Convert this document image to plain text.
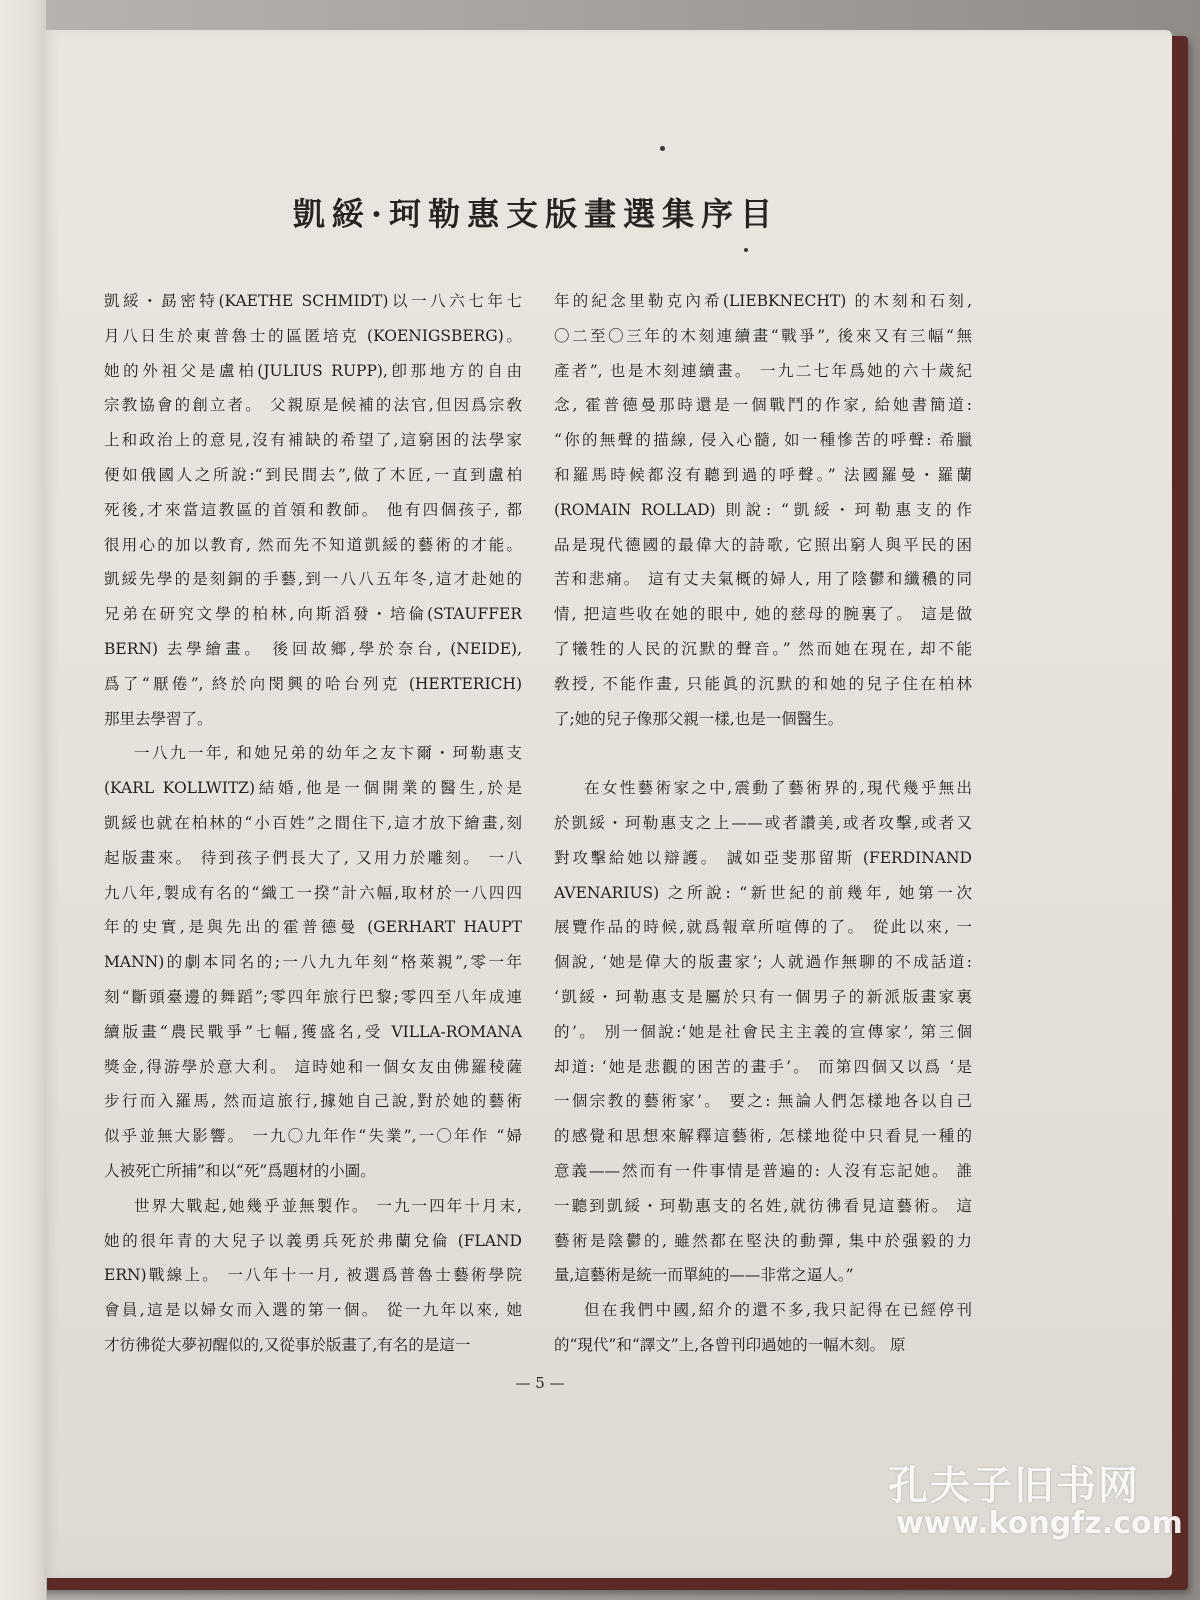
凱綏·珂勒惠支版畫選集序目

凱綏・勗密特(KAETHE SCHMIDT)以一八六七年七
月八日生於東普魯士的區匿培克 (KOENIGSBERG)。
她的外祖父是盧柏(JULIUS RUPP),卽那地方的自由
宗教協會的創立者。 父親原是候補的法官,但因爲宗敎
上和政治上的意見,沒有補缺的希望了,這窮困的法學家
便如俄國人之所說:“到民間去”,做了木匠,一直到盧柏
死後,才來當這教區的首領和教師。 他有四個孩子, 都
很用心的加以教育, 然而先不知道凱綏的藝術的才能。
凱綏先學的是刻銅的手藝,到一八八五年冬,這才赴她的
兄弟在研究文學的柏林,向斯滔發・培倫(STAUFFER
BERN) 去學繪畫。 後回故鄉,學於奈台, (NEIDE),
爲了“厭倦”, 終於向閔興的哈台列克 (HERTERICH)
那里去學習了。

一八九一年, 和她兄弟的幼年之友卞爾・珂勒惠支
(KARL KOLLWITZ)結婚,他是一個開業的醫生,於是
凱綏也就在柏林的“小百姓”之間住下,這才放下繪畫,刻
起版畫來。 待到孩子們長大了, 又用力於雕刻。 一八
九八年,製成有名的“織工一揆”計六幅,取材於一八四四
年的史實,是與先出的霍普德曼 (GERHART HAUPT
MANN)的劇本同名的;一八九九年刻“格萊親”,零一年
刻“斷頭臺邊的舞蹈”;零四年旅行巴黎;零四至八年成連
續版畫“農民戰爭”七幅,獲盛名,受 VILLA-ROMANA
獎金,得游學於意大利。 這時她和一個女友由佛羅稜薩
步行而入羅馬, 然而這旅行,據她自己說,對於她的藝術
似乎並無大影響。 一九〇九年作“失業”,一〇年作 “婦
人被死亡所捕”和以“死”爲題材的小圖。

世界大戰起,她幾乎並無製作。 一九一四年十月末,
她的很年青的大兒子以義勇兵死於弗蘭兌倫 (FLAND
ERN)戰線上。 一八年十一月, 被選爲普魯士藝術學院
會員,這是以婦女而入選的第一個。 從一九年以來, 她
才彷彿從大夢初醒似的,又從事於版畫了,有名的是這一

年的紀念里勒克內希(LIEBKNECHT) 的木刻和石刻,
〇二至〇三年的木刻連續畫“戰爭”, 後來又有三幅“無
產者”, 也是木刻連續畫。 一九二七年爲她的六十歲紀
念, 霍普德曼那時還是一個戰鬥的作家, 給她書簡道:
“你的無聲的描線, 侵入心髓, 如一種慘苦的呼聲: 希臘
和羅馬時候都沒有聽到過的呼聲。” 法國羅曼・羅蘭
(ROMAIN ROLLAD) 則說: “凱綏・珂勒惠支的作
品是現代德國的最偉大的詩歌, 它照出窮人與平民的困
苦和悲痛。 這有丈夫氣概的婦人, 用了陰鬱和纖穠的同
情, 把這些收在她的眼中, 她的慈母的腕裏了。 這是做
了犧牲的人民的沉默的聲音。” 然而她在現在, 却不能
敎授, 不能作畫, 只能眞的沉默的和她的兒子住在柏林
了;她的兒子像那父親一樣,也是一個醫生。

在女性藝術家之中,震動了藝術界的,現代幾乎無出
於凱綏・珂勒惠支之上——或者讚美,或者攻擊,或者又
對攻擊給她以辯護。 誠如亞斐那留斯 (FERDINAND
AVENARIUS) 之所說: “新世紀的前幾年, 她第一次
展覽作品的時候,就爲報章所喧傳的了。 從此以來, 一
個說, ‘她是偉大的版畫家’; 人就過作無聊的不成話道:
‘凱綏・珂勒惠支是屬於只有一個男子的新派版畫家裏
的’。 別一個說:‘她是社會民主主義的宣傳家’, 第三個
却道: ‘她是悲觀的困苦的畫手’。 而第四個又以爲 ‘是
一個宗教的藝術家’。 要之: 無論人們怎樣地各以自己
的感覺和思想來解釋這藝術, 怎樣地從中只看見一種的
意義——然而有一件事情是普遍的: 人沒有忘記她。 誰
一聽到凱綏・珂勒惠支的名姓,就彷彿看見這藝術。 這
藝術是陰鬱的, 雖然都在堅決的動彈, 集中於强毅的力
量,這藝術是統一而單純的——非常之逼人。”

但在我們中國,紹介的還不多,我只記得在已經停刊
的“現代”和“譯文”上,各曾刊印過她的一幅木刻。 原

— 5 —
孔夫子旧书网
www.kongfz.com
